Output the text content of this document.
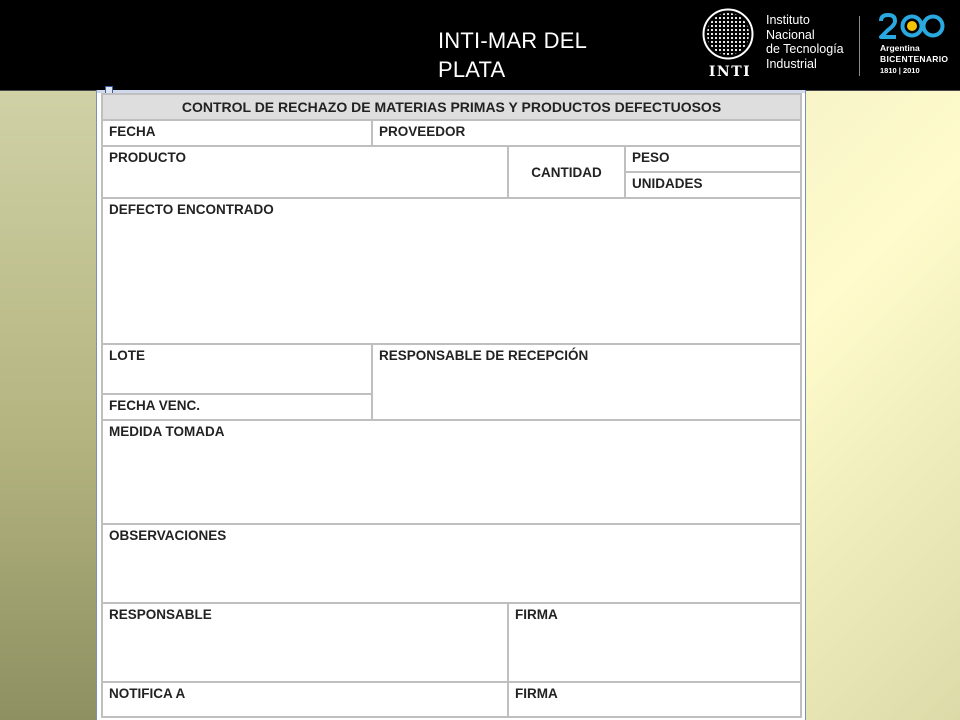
INTI-MAR DEL PLATA	INTI
Instituto
Nacional
de Tecnología
Industrial
Argentina
BICENTENARIO
1810 | 2010
CONTROL DE RECHAZO DE MATERIAS PRIMAS Y PRODUCTOS DEFECTUOSOS			
FECHA	PROVEEDOR		
PRODUCTO		CANTIDAD	PESO
			UNIDADES
DEFECTO ENCONTRADO			
LOTE	RESPONSABLE DE RECEPCIÓN		
FECHA VENC.			
MEDIDA TOMADA			
OBSERVACIONES			
RESPONSABLE		FIRMA	
NOTIFICA A		FIRMA	
